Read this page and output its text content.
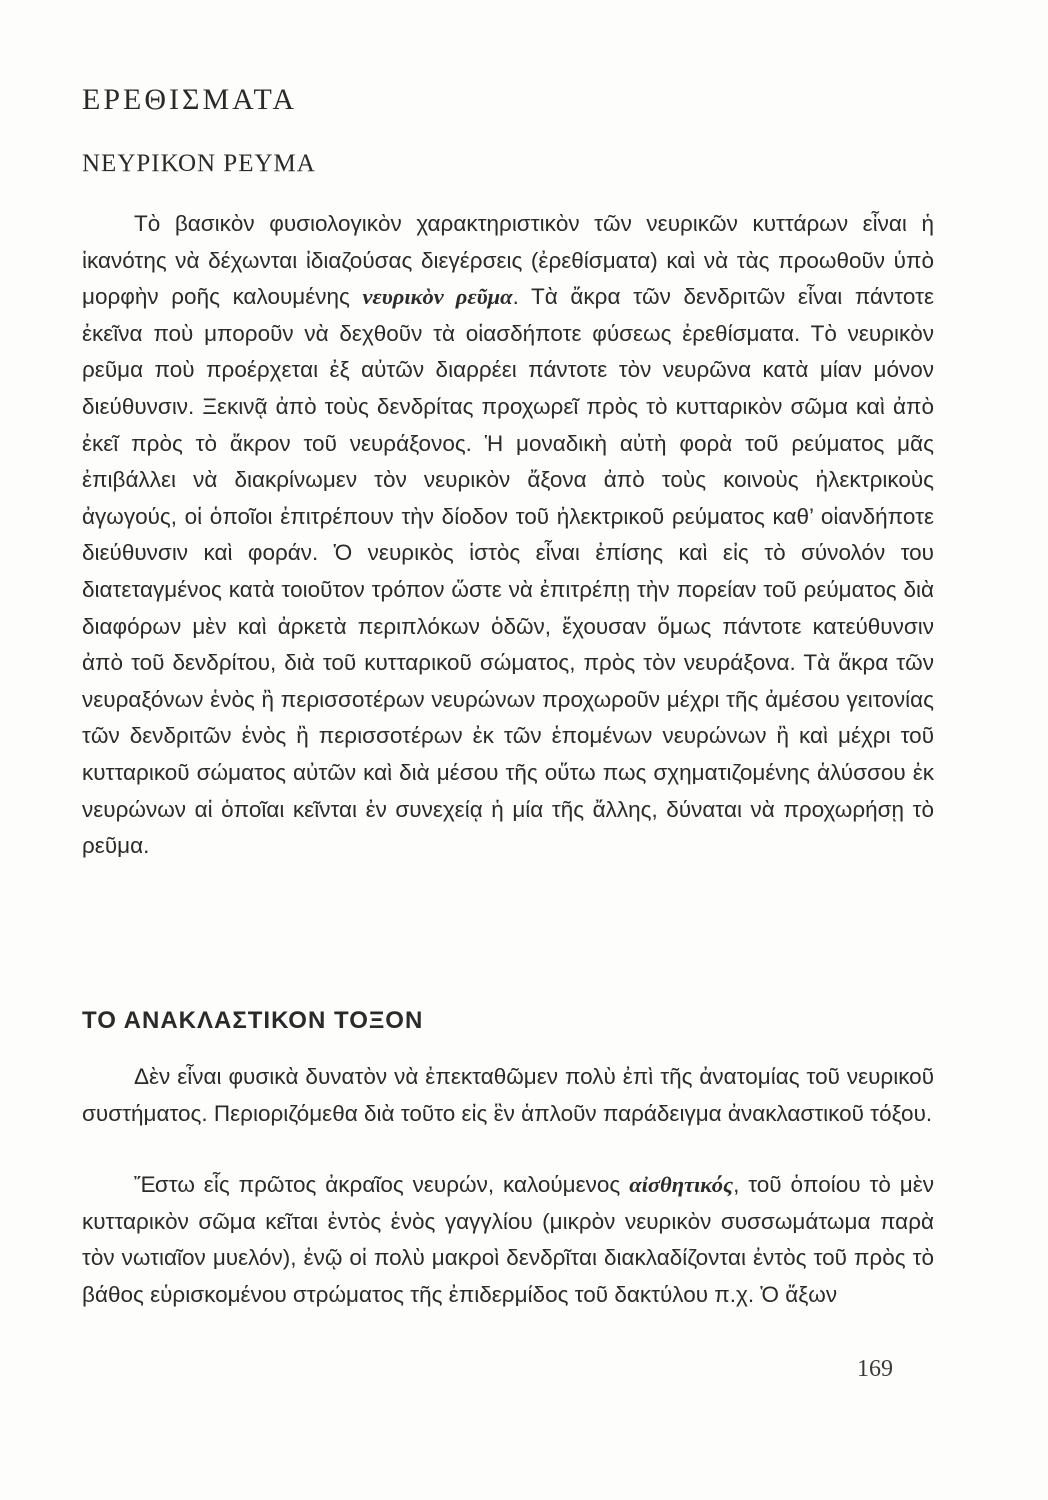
ΕΡΕΘΙΣΜΑΤΑ
ΝΕΥΡΙΚΟΝ ΡΕΥΜΑ

Τὸ βασικὸν φυσιολογικὸν χαρακτηριστικὸν τῶν νευρικῶν κυττάρων εἶναι ἡ ἱκανότης νὰ δέχωνται ἰδιαζούσας διεγέρσεις (ἐρεθίσματα) καὶ νὰ τὰς προωθοῦν ὑπὸ μορφὴν ροῆς καλουμένης νευρικὸν ρεῦμα. Τὰ ἄκρα τῶν δενδριτῶν εἶναι πάντοτε ἐκεῖνα ποὺ μποροῦν νὰ δεχθοῦν τὰ οἱασδήποτε φύσεως ἐρεθίσματα. Τὸ νευρικὸν ρεῦμα ποὺ προέρχεται ἐξ αὐτῶν διαρρέει πάντοτε τὸν νευρῶνα κατὰ μίαν μόνον διεύθυνσιν. Ξεκινᾷ ἀπὸ τοὺς δενδρίτας προχωρεῖ πρὸς τὸ κυτταρικὸν σῶμα καὶ ἀπὸ ἐκεῖ πρὸς τὸ ἄκρον τοῦ νευράξονος. Ἡ μοναδικὴ αὐτὴ φορὰ τοῦ ρεύματος μᾶς ἐπιβάλλει νὰ διακρίνωμεν τὸν νευρικὸν ἄξονα ἀπὸ τοὺς κοινοὺς ἠλεκτρικοὺς ἀγωγούς, οἱ ὁποῖοι ἐπιτρέπουν τὴν δίοδον τοῦ ἠλεκτρικοῦ ρεύματος καθ’ οἱανδήποτε διεύθυνσιν καὶ φοράν. Ὁ νευρικὸς ἱστὸς εἶναι ἐπίσης καὶ εἰς τὸ σύνολόν του διατεταγμένος κατὰ τοιοῦτον τρόπον ὥστε νὰ ἐπιτρέπῃ τὴν πορείαν τοῦ ρεύματος διὰ διαφόρων μὲν καὶ ἀρκετὰ περιπλόκων ὁδῶν, ἔχουσαν ὅμως πάντοτε κατεύθυνσιν ἀπὸ τοῦ δενδρίτου, διὰ τοῦ κυτταρικοῦ σώματος, πρὸς τὸν νευράξονα. Τὰ ἄκρα τῶν νευραξόνων ἑνὸς ἢ περισσοτέρων νευρώνων προχωροῦν μέχρι τῆς ἀμέσου γειτονίας τῶν δενδριτῶν ἑνὸς ἢ περισσοτέρων ἐκ τῶν ἑπομένων νευρώνων ἢ καὶ μέχρι τοῦ κυτταρικοῦ σώματος αὐτῶν καὶ διὰ μέσου τῆς οὕτω πως σχηματιζομένης ἁλύσσου ἐκ νευρώνων αἱ ὁποῖαι κεῖνται ἐν συνεχείᾳ ἡ μία τῆς ἄλλης, δύναται νὰ προχωρήσῃ τὸ ρεῦμα.

ΤΟ ΑΝΑΚΛΑΣΤΙΚΟΝ ΤΟΞΟΝ

Δὲν εἶναι φυσικὰ δυνατὸν νὰ ἐπεκταθῶμεν πολὺ ἐπὶ τῆς ἀνατομίας τοῦ νευρικοῦ συστήματος. Περιοριζόμεθα διὰ τοῦτο εἰς ἓν ἁπλοῦν παράδειγμα ἀνακλαστικοῦ τόξου.

Ἔστω εἷς πρῶτος ἀκραῖος νευρών, καλούμενος αἰσθητικός, τοῦ ὁποίου τὸ μὲν κυτταρικὸν σῶμα κεῖται ἐντὸς ἑνὸς γαγγλίου (μικρὸν νευρικὸν συσσωμάτωμα παρὰ τὸν νωτιαῖον μυελόν), ἐνῷ οἱ πολὺ μακροὶ δενδρῖται διακλαδίζονται ἐντὸς τοῦ πρὸς τὸ βάθος εὑρισκομένου στρώματος τῆς ἐπιδερμίδος τοῦ δακτύλου π.χ. Ὁ ἄξων

169
